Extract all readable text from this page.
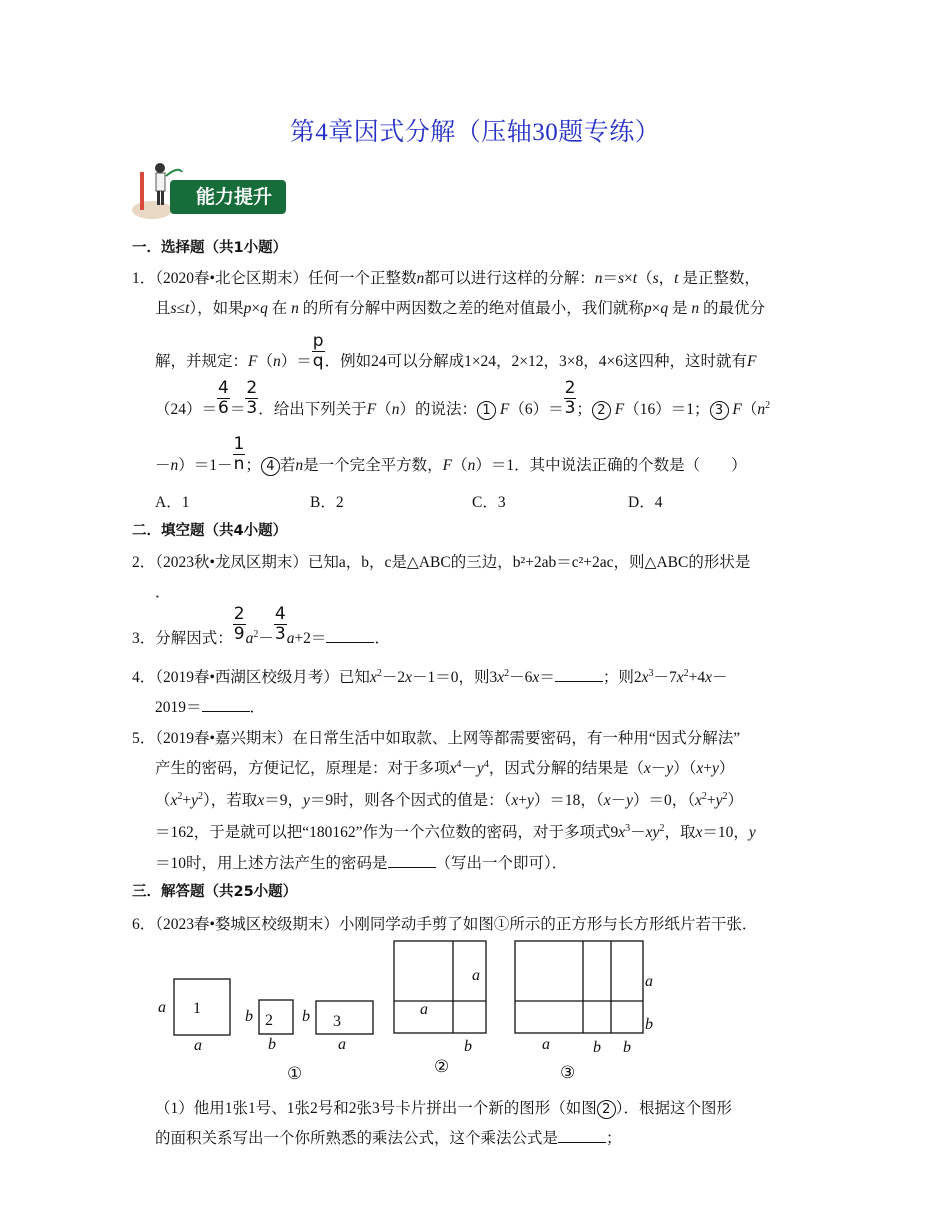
第4章因式分解（压轴30题专练）
能力提升
一．选择题（共1小题）
1．（2020春•北仑区期末）任何一个正整数n都可以进行这样的分解：n＝s×t（s，t 是正整数，
且s≤t），如果p×q 在 n 的所有分解中两因数之差的绝对值最小，我们就称p×q 是 n 的最优分
解，并规定：$F(n)= \frac{p}{q}$ ．例如24可以分解成1×24，2×12，3×8，4×6这四种，这时就有F
$(24)= \frac{4}{6} = \frac{2}{3}$ ．给出下列关于F（n）的说法： 1 $F(6)= \frac{2}{3}$ ； 2 F（16）＝1； 3 $F(n^2$
$-n)=1- \frac{1}{n}$ ； 4 若n是一个完全平方数，F（n）＝1．其中说法正确的个数是（　　）
A．1	B．2	C．3	D．4
二．填空题（共4小题）
2．（2023秋•龙凤区期末）已知a，b，c是△ABC的三边，b²+2ab＝c²+2ac，则△ABC的形状是
．
3．分解因式： $\frac{2}{9} a^2- \frac{4}{3} a+2=$	．
4．（2019春•西湖区校级月考）已知$x^2-2x-1=0$，则$3x^2-6x=$	；则$2x^3-7x^2+4x-$
2019＝	．
5．（2019春•嘉兴期末）在日常生活中如取款、上网等都需要密码，有一种用“因式分解法”
产生的密码，方便记忆，原理是：对于多项$x^4-y^4$，因式分解的结果是（x－y）（x+y）
$(x^2+y^2)$，若取x＝9，y＝9时，则各个因式的值是：（x+y）＝18，（x－y）＝0，$(x^2+y^2)$
＝162，于是就可以把“180162”作为一个六位数的密码，对于多项式$9x^3-xy^2$，取x＝10，y
＝10时，用上述方法产生的密码是	（写出一个即可）．
三．解答题（共25小题）
6．（2023春•婺城区校级期末）小刚同学动手剪了如图①所示的正方形与长方形纸片若干张．
a
a
b
b
b
a
a
a
b
a
b
a	b b
1
2	3
①	②	③
（1）他用1张1号、1张2号和2张3号卡片拼出一个新的图形（如图 2 ）．根据这个图形
的面积关系写出一个你所熟悉的乘法公式，这个乘法公式是	；
